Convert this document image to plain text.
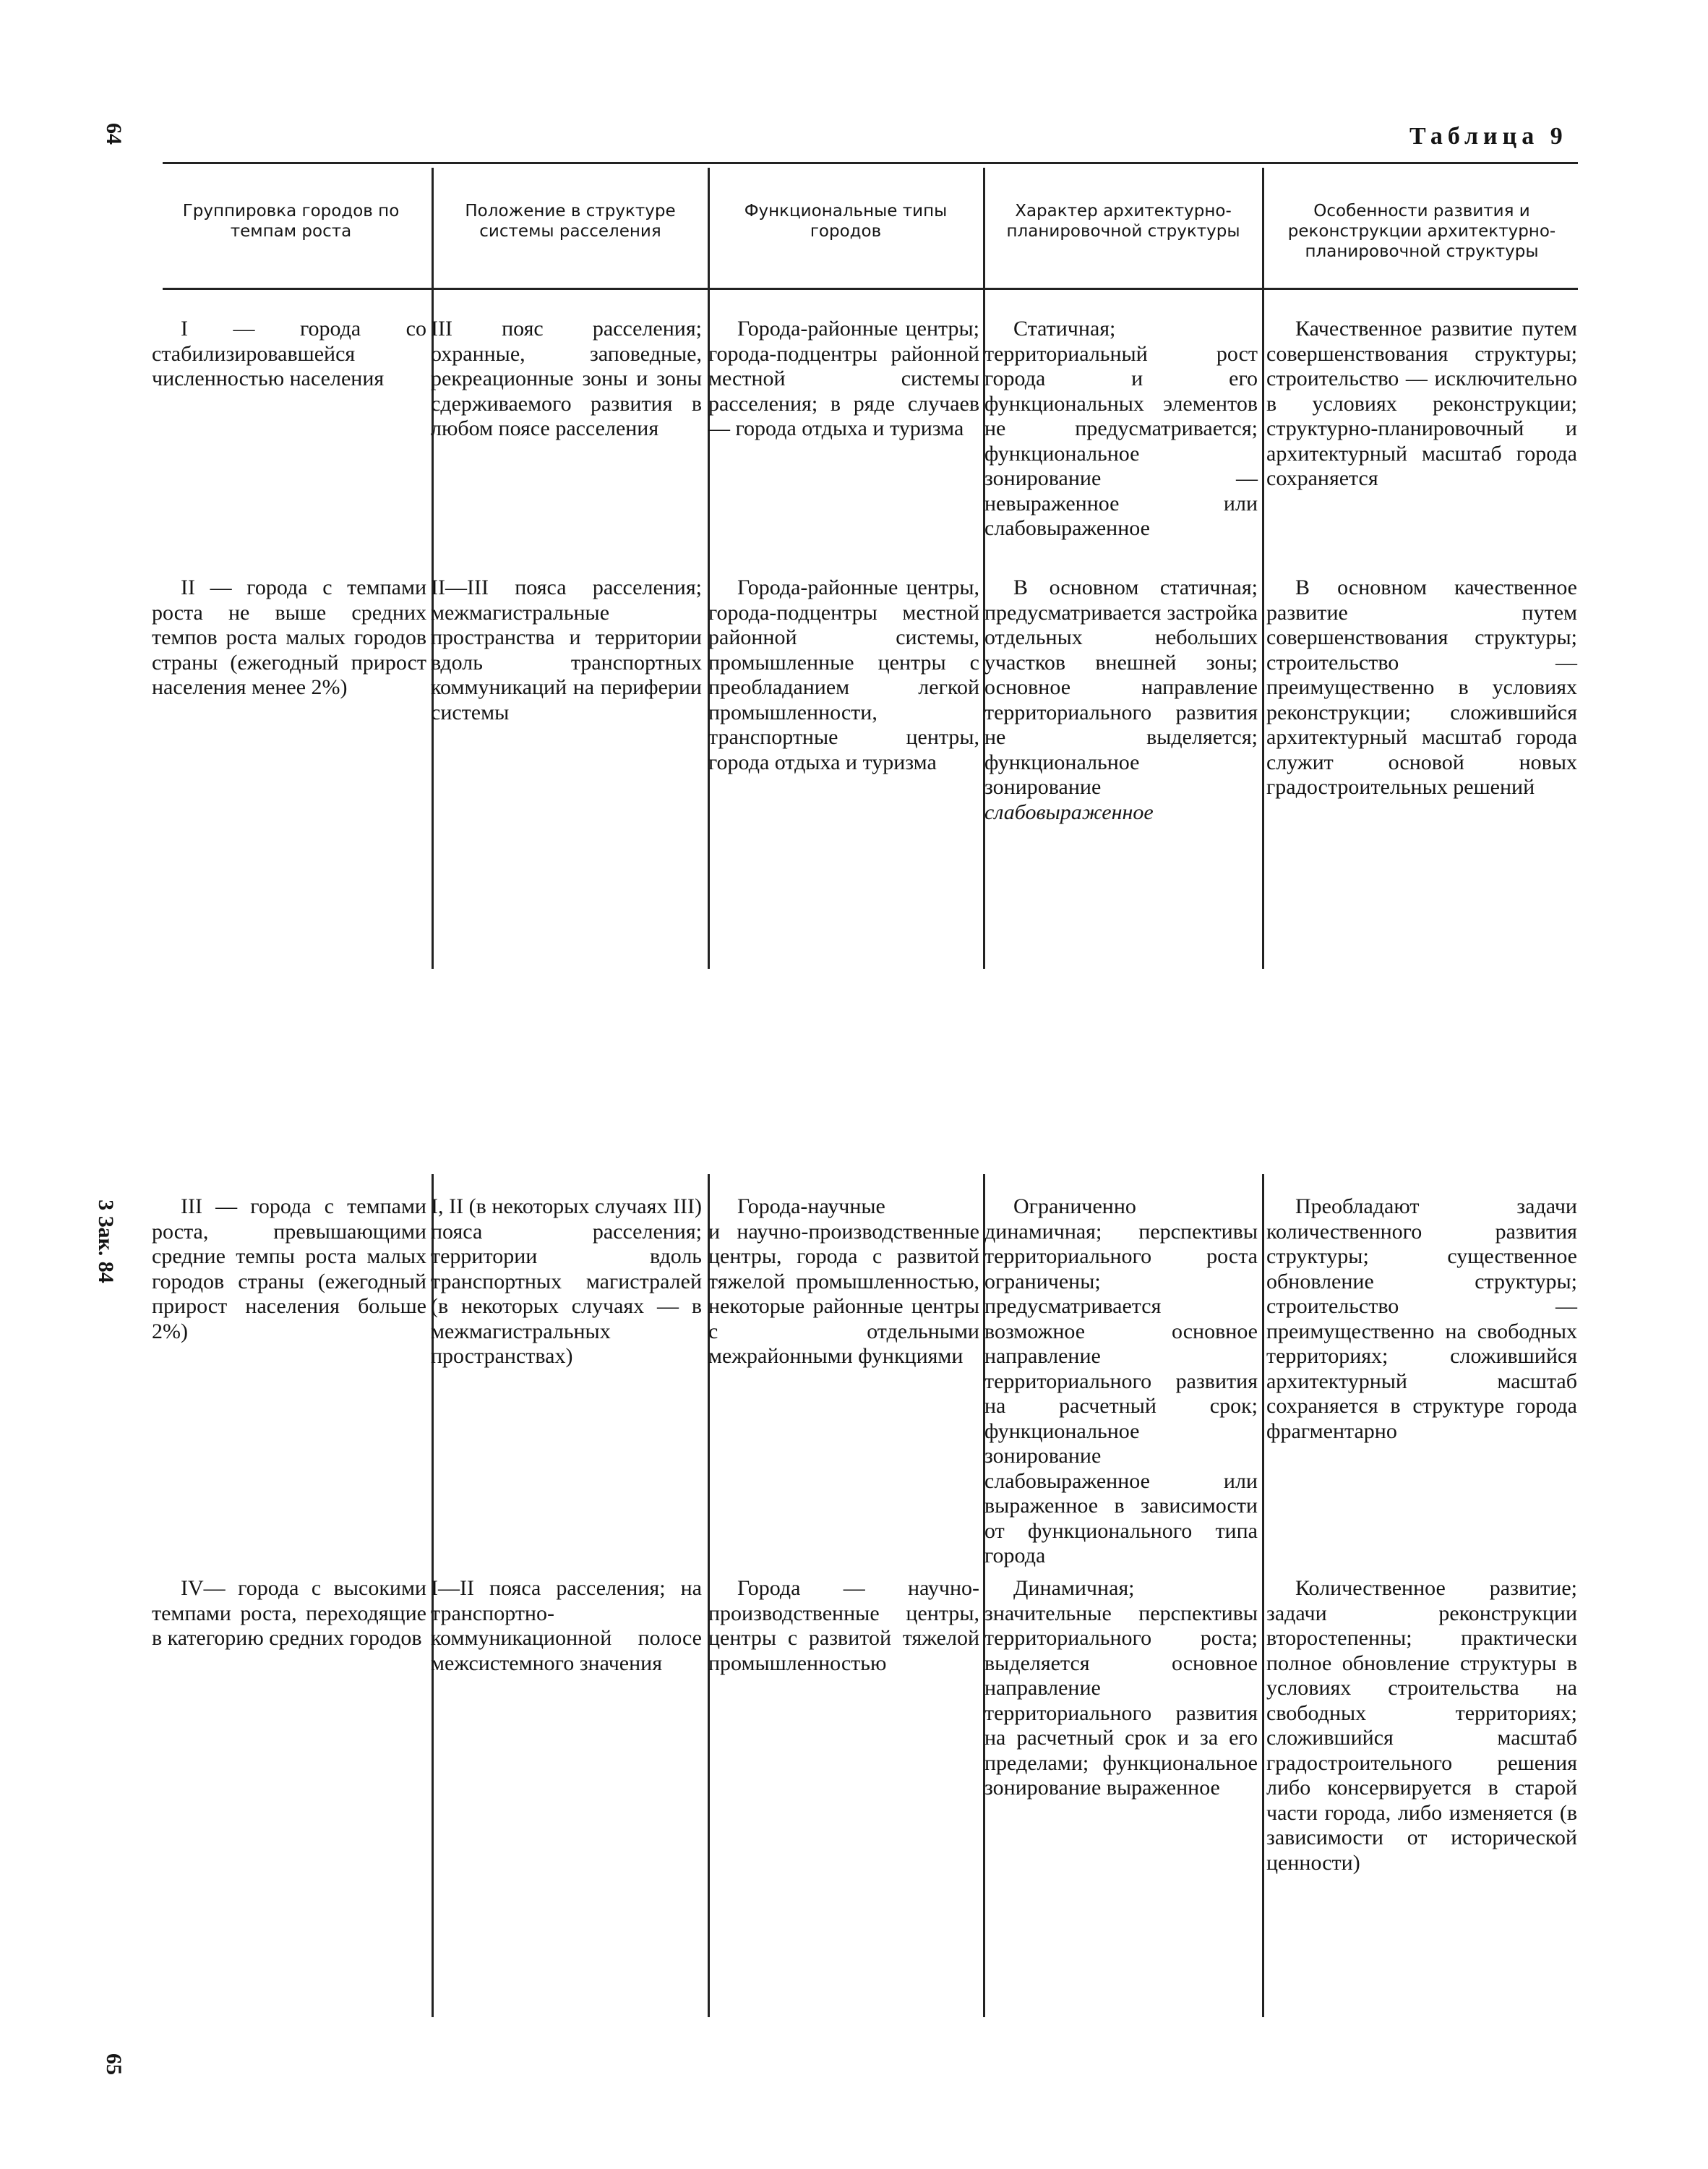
64
3 Зак. 84
65
Таблица 9
Группировка городов по темпам роста
Положение в структуре системы расселения
Функциональные типы городов
Характер архитектурно-планировочной структуры
Особенности развития и реконструкции архитектурно-планировочной структуры
I — города со стабилизировавшейся численностью населения
III пояс расселения; охранные, заповедные, рекреационные зоны и зоны сдерживаемого развития в любом поясе расселения
Города-районные центры; города-подцентры районной местной системы расселения; в ряде случаев — города отдыха и туризма
Статичная; территориальный рост города и его функциональных элементов не предусматривается; функциональное зонирование — невыраженное или слабовыраженное
Качественное развитие путем совершенствования структуры; строительство — исключительно в условиях реконструкции; структурно-планировочный и архитектурный масштаб города сохраняется
II — города с темпами роста не выше средних темпов роста малых городов страны (ежегодный прирост населения менее 2%)
II—III пояса расселения; межмагистральные пространства и территории вдоль транспортных коммуникаций на периферии системы
Города-районные центры, города-подцентры местной районной системы, промышленные центры с преобладанием легкой промышленности, транспортные центры, города отдыха и туризма
В основном статичная; предусматривается застройка отдельных небольших участков внешней зоны; основное направление территориального развития не выделяется; функциональное зонирование слабовыраженное
В основном качественное развитие путем совершенствования структуры; строительство — преимущественно в условиях реконструкции; сложившийся архитектурный масштаб города служит основой новых градостроительных решений
III — города с темпами роста, превышающими средние темпы роста малых городов страны (ежегодный прирост населения больше 2%)
I, II (в некоторых случаях III) пояса расселения; территории вдоль транспортных магистралей (в некоторых случаях — в межмагистральных пространствах)
Города-научные
и научно-производственные центры, города с развитой тяжелой промышленностью, некоторые районные центры с отдельными межрайонными функциями
Ограниченно динамичная; перспективы территориального роста ограничены; предусматривается возможное основное направление территориального развития на расчетный срок; функциональное зонирование слабовыраженное или выраженное в зависимости от функционального типа города
Преобладают задачи количественного развития структуры; существенное обновление структуры; строительство — преимущественно на свободных территориях; сложившийся архитектурный масштаб сохраняется в структуре города фрагментарно
IV— города с высокими темпами роста, переходящие в категорию средних городов
I—II пояса расселения; на транспортно-коммуникационной полосе межсистемного значения
Города — научно-производственные центры, центры с развитой тяжелой промышленностью
Динамичная; значительные перспективы территориального роста; выделяется основное направление территориального развития на расчетный срок и за его пределами; функциональное зонирование выраженное
Количественное развитие; задачи реконструкции второстепенны; практически полное обновление структуры в условиях строительства на свободных территориях; сложившийся масштаб градостроительного решения либо консервируется в старой части города, либо изменяется (в зависимости от исторической ценности)
